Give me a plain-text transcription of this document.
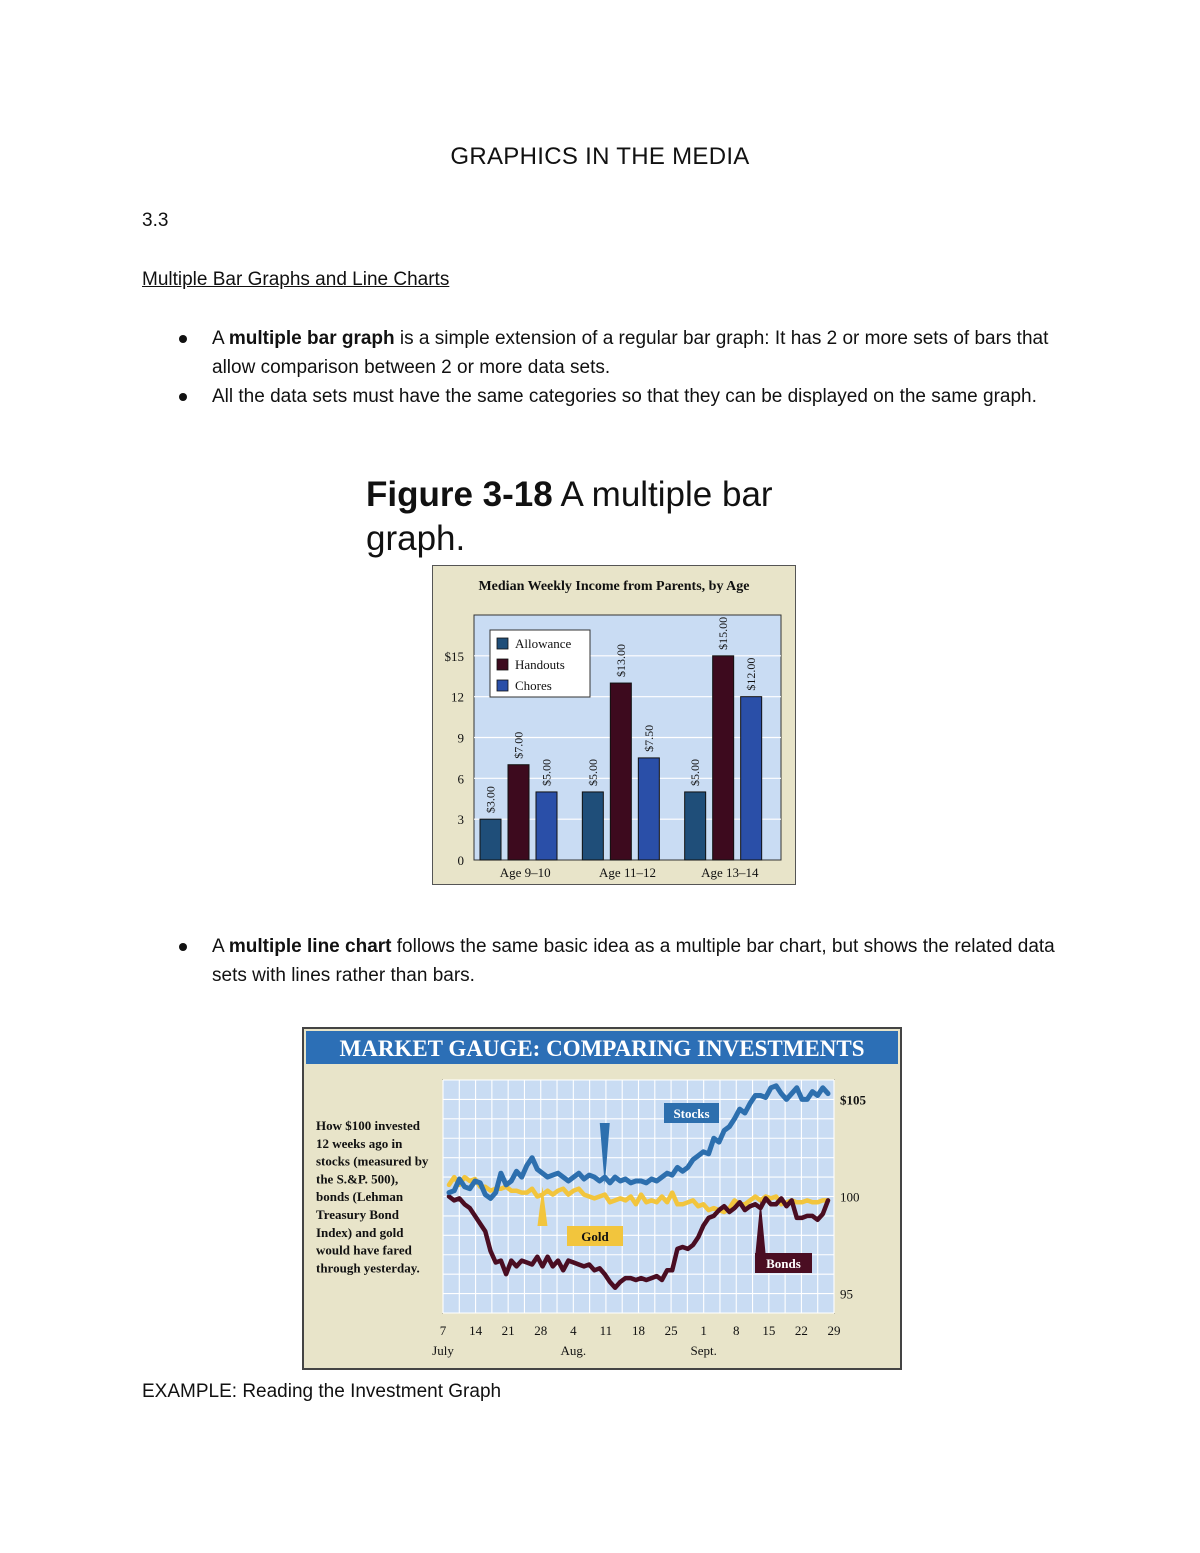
GRAPHICS IN THE MEDIA
3.3
Multiple Bar Graphs and Line Charts
A multiple bar graph is a simple extension of a regular bar graph: It has 2 or more sets of bars that allow comparison between 2 or more data sets.
All the data sets must have the same categories so that they can be displayed on the same graph.
Figure 3-18 A multiple bar graph.
Median Weekly Income from Parents, by Age
0
3
6
9
12
$15
$3.00
$7.00
$5.00
Age 9–10
$5.00
$13.00
$7.50
Age 11–12
$5.00
$15.00
$12.00
Age 13–14
Allowance
Handouts
Chores
A multiple line chart follows the same basic idea as a multiple bar chart, but shows the related data sets with lines rather than bars.
MARKET GAUGE: COMPARING INVESTMENTS
How $100 invested 12 weeks ago in stocks (measured by the S.&P. 500), bonds (Lehman Treasury Bond Index) and gold would have fared through yesterday.
95
100
$105
7 14 21 28 4 11 18 25 1 8 15 22 29
July	Aug.	Sept.
Stocks
Gold
Bonds
EXAMPLE: Reading the Investment Graph
